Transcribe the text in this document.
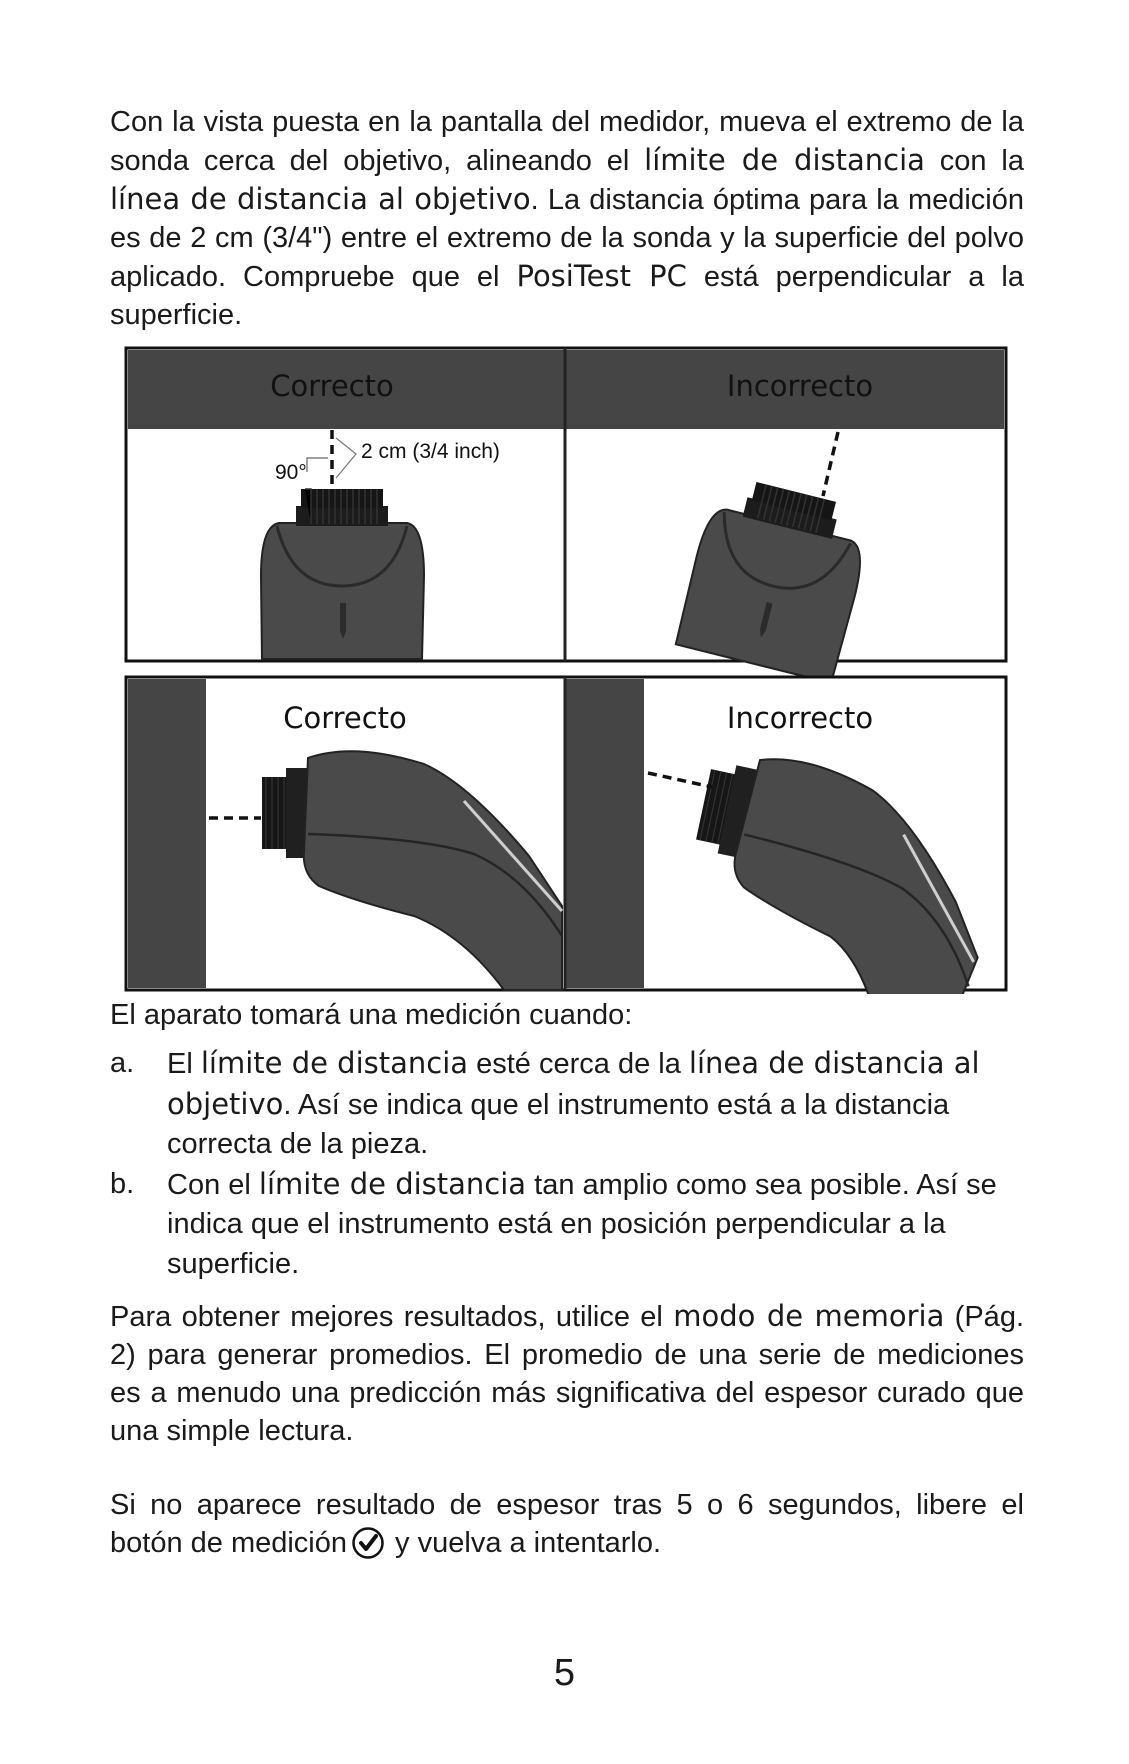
Con la vista puesta en la pantalla del medidor, mueva el extremo de la sonda cerca del objetivo, alineando el límite de distancia con la línea de distancia al objetivo. La distancia óptima para la medición es de 2 cm (3/4") entre el extremo de la sonda y la superficie del polvo aplicado. Compruebe que el PosiTest PC está perpendicular a la superficie.

90°
2 cm (3/4 inch)
Correcto	Incorrecto
Correcto	Incorrecto

El aparato tomará una medición cuando:

a.	El límite de distancia esté cerca de la línea de distancia al objetivo. Así se indica que el instrumento está a la distancia correcta de la pieza.
b.	Con el límite de distancia tan amplio como sea posible. Así se indica que el instrumento está en posición perpendicular a la superficie.

Para obtener mejores resultados, utilice el modo de memoria (Pág. 2) para generar promedios. El promedio de una serie de mediciones es a menudo una predicción más significativa del espesor curado que una simple lectura.

Si no aparece resultado de espesor tras 5 o 6 segundos, libere el botón de medición y vuelva a intentarlo.

5
